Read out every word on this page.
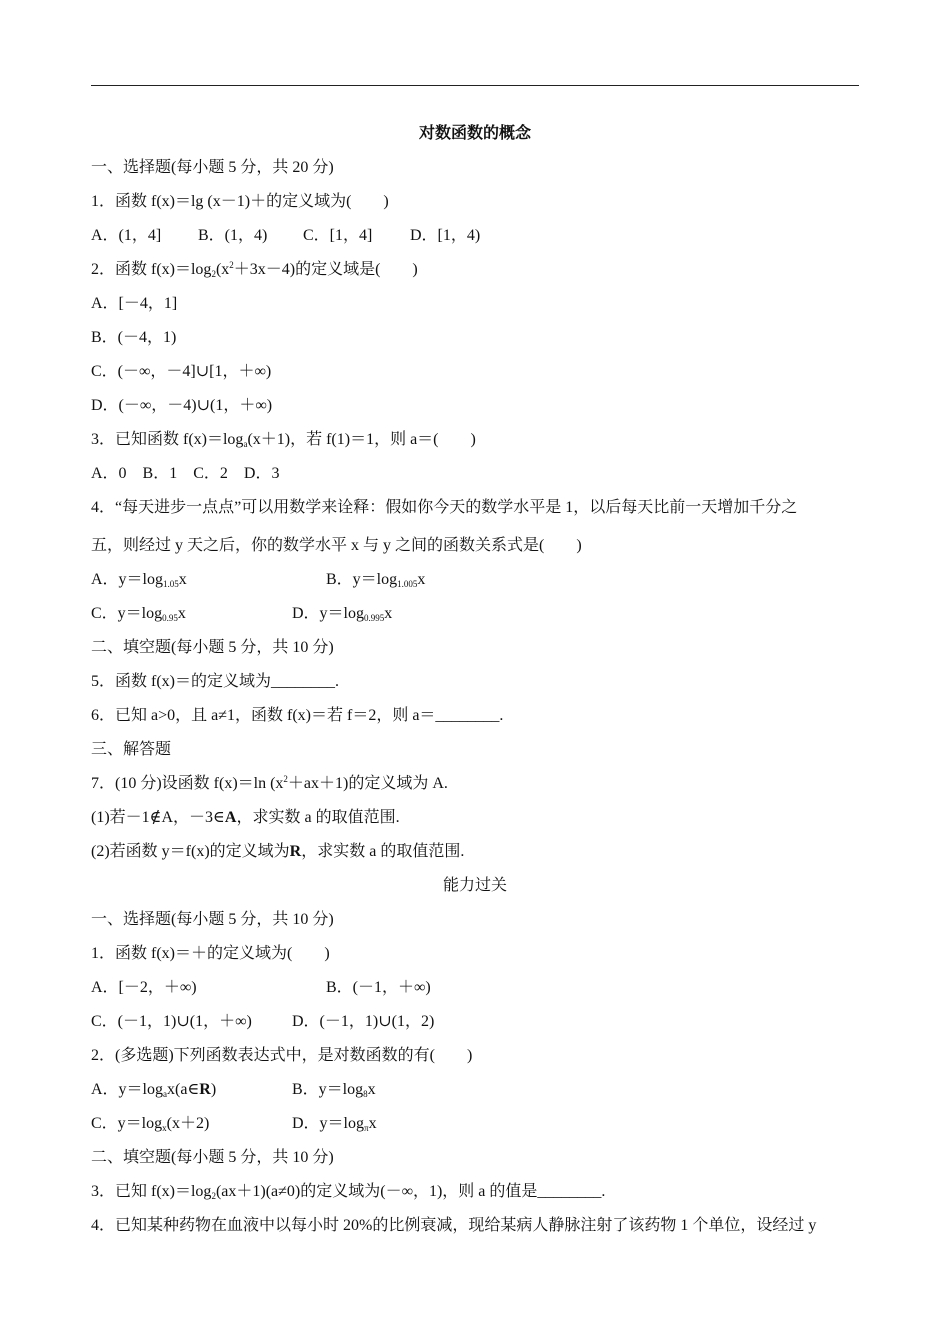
对数函数的概念
一、选择题(每小题 5 分，共 20 分)
1．函数 f(x)＝lg (x－1)＋的定义域为(　　)
A．(1，4] B．(1，4) C．[1，4] D．[1，4)
2．函数 $f(x)=\log_2(x^2+3x-4)$的定义域是(　　)
A．[－4，1]
B．(－4，1)
C．(－∞，－4]∪[1，＋∞)
D．(－∞，－4)∪(1，＋∞)
3．已知函数 $f(x)=\log_a(x+1)$，若 f(1)＝1，则 a＝(　　)
A．0　B．1　C．2　D．3
4．“每天进步一点点”可以用数学来诠释：假如你今天的数学水平是 1，以后每天比前一天增加千分之
五，则经过 y 天之后，你的数学水平 x 与 y 之间的函数关系式是(　　)
A．$y=\log_{1.05}x$	B．$y=\log_{1.005}x$
C．$y=\log_{0.95}x$	D．$y=\log_{0.995}x$
二、填空题(每小题 5 分，共 10 分)
5．函数 f(x)＝的定义域为________.
6．已知 a>0，且 a≠1，函数 f(x)＝若 f＝2，则 a＝________.
三、解答题
7．(10 分)设函数 f(x)＝ln $(x^2+ax+1)$的定义域为 A.
(1)若－1∉A，－3∈A，求实数 a 的取值范围.
(2)若函数 y＝f(x)的定义域为R，求实数 a 的取值范围.
能力过关
一、选择题(每小题 5 分，共 10 分)
1．函数 f(x)＝＋的定义域为(　　)
A．[－2，＋∞)	B．(－1，＋∞)
C．(－1，1)∪(1，＋∞)	D．(－1，1)∪(1，2)
2．(多选题)下列函数表达式中，是对数函数的有(　　)
A．$y=\log_ax(a\in R)$	B．$y=\log_8x$
C．$y=\log_x(x+2)$	D．$y=\log_\pi x$
二、填空题(每小题 5 分，共 10 分)
3．已知 $f(x)=\log_2(ax+1)(a\ne 0)$的定义域为(－∞，1)，则 a 的值是________.
4．已知某种药物在血液中以每小时 20%的比例衰减，现给某病人静脉注射了该药物 1 个单位，设经过 y
